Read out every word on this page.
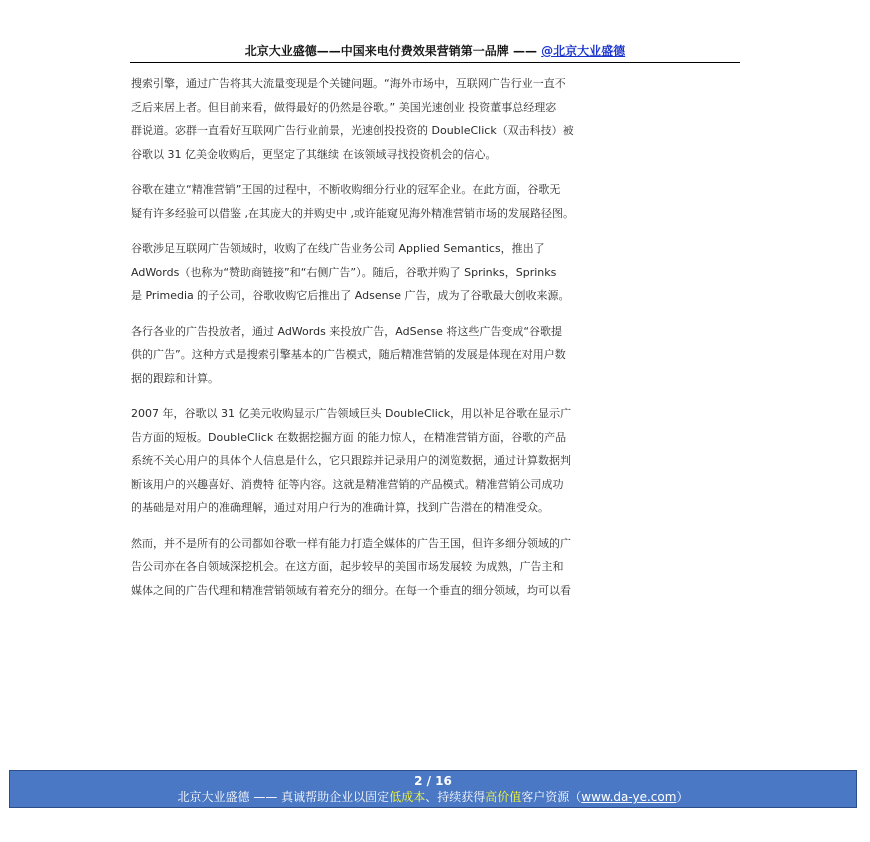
北京大业盛德——中国来电付费效果营销第一品牌 —— @北京大业盛德
搜索引擎，通过广告将其大流量变现是个关键问题。“海外市场中，互联网广告行业一直不
乏后来居上者。但目前来看，做得最好的仍然是谷歌。” 美国光速创业 投资董事总经理宓
群说道。宓群一直看好互联网广告行业前景，光速创投投资的 DoubleClick（双击科技）被
谷歌以 31 亿美金收购后，更坚定了其继续 在该领域寻找投资机会的信心。
谷歌在建立“精准营销”王国的过程中，不断收购细分行业的冠军企业。在此方面，谷歌无
疑有许多经验可以借鉴 ,在其庞大的并购史中 ,或许能窥见海外精准营销市场的发展路径图。
谷歌涉足互联网广告领域时，收购了在线广告业务公司 Applied Semantics，推出了
AdWords（也称为“赞助商链接”和“右侧广告”）。随后，谷歌并购了 Sprinks，Sprinks
是 Primedia 的子公司，谷歌收购它后推出了 Adsense 广告，成为了谷歌最大创收来源。
各行各业的广告投放者，通过 AdWords 来投放广告，AdSense 将这些广告变成“谷歌提
供的广告”。这种方式是搜索引擎基本的广告模式，随后精准营销的发展是体现在对用户数
据的跟踪和计算。
2007 年，谷歌以 31 亿美元收购显示广告领域巨头 DoubleClick，用以补足谷歌在显示广
告方面的短板。DoubleClick 在数据挖掘方面 的能力惊人，在精准营销方面，谷歌的产品
系统不关心用户的具体个人信息是什么，它只跟踪并记录用户的浏览数据，通过计算数据判
断该用户的兴趣喜好、消费特 征等内容。这就是精准营销的产品模式。精准营销公司成功
的基础是对用户的准确理解，通过对用户行为的准确计算，找到广告潜在的精准受众。
然而，并不是所有的公司都如谷歌一样有能力打造全媒体的广告王国，但许多细分领域的广
告公司亦在各自领域深挖机会。在这方面，起步较早的美国市场发展较 为成熟，广告主和
媒体之间的广告代理和精准营销领域有着充分的细分。在每一个垂直的细分领域，均可以看
2 / 16
北京大业盛德 —— 真诚帮助企业以固定低成本、持续获得高价值客户资源（www.da-ye.com）
